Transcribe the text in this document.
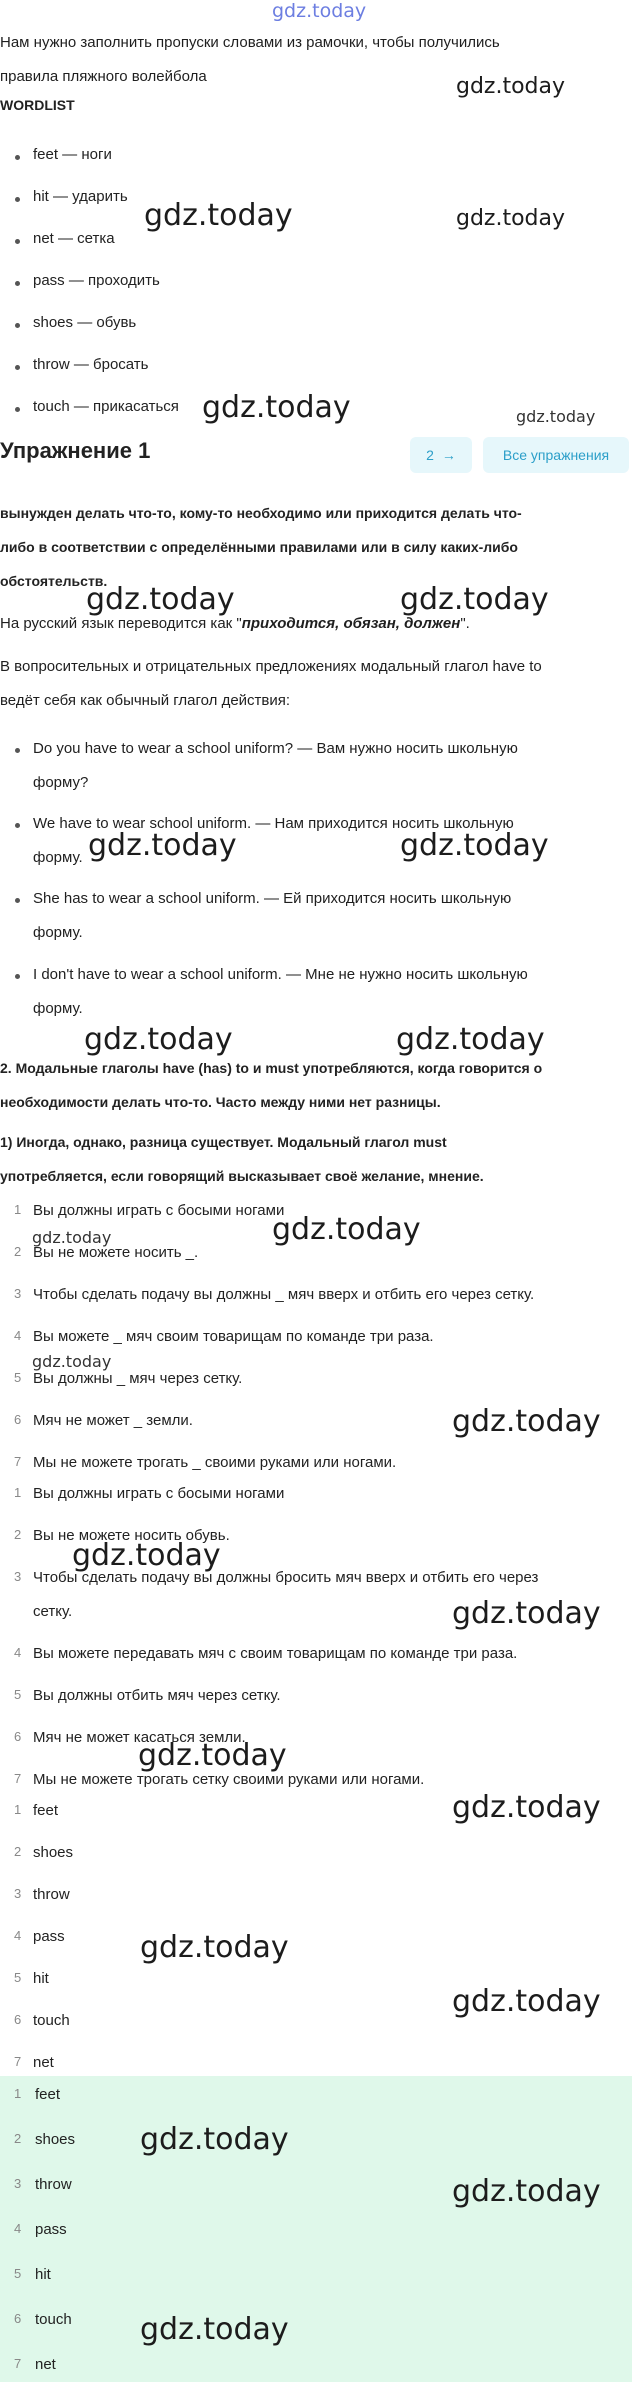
gdz.today
Нам нужно заполнить пропуски словами из рамочки, чтобы получились
правила пляжного волейбола
WORDLIST
feet — ноги
hit — ударить
net — сетка
pass — проходить
shoes — обувь
throw — бросать
touch — прикасаться
Упражнение 1	2 →	Все упражнения
вынужден делать что-то, кому-то необходимо или приходится делать что-
либо в соответствии с определёнными правилами или в силу каких-либо
обстоятельств.
На русский язык переводится как "приходится, обязан, должен".
В вопросительных и отрицательных предложениях модальный глагол have to
ведёт себя как обычный глагол действия:
Do you have to wear a school uniform? — Вам нужно носить школьную
форму?
We have to wear school uniform. — Нам приходится носить школьную
форму.
She has to wear a school uniform. — Ей приходится носить школьную
форму.
I don't have to wear a school uniform. — Мне не нужно носить школьную
форму.
2. Модальные глаголы have (has) to и must употребляются, когда говорится о
необходимости делать что-то. Часто между ними нет разницы.
1) Иногда, однако, разница существует. Модальный глагол must
употребляется, если говорящий высказывает своё желание, мнение.
1 Вы должны играть с босыми ногами
2 Вы не можете носить _.
3 Чтобы сделать подачу вы должны _ мяч вверх и отбить его через сетку.
4 Вы можете _ мяч своим товарищам по команде три раза.
5 Вы должны _ мяч через сетку.
6 Мяч не может _ земли.
7 Мы не можете трогать _ своими руками или ногами.
1 Вы должны играть с босыми ногами
2 Вы не можете носить обувь.
3 Чтобы сделать подачу вы должны бросить мяч вверх и отбить его через
сетку.
4 Вы можете передавать мяч с своим товарищам по команде три раза.
5 Вы должны отбить мяч через сетку.
6 Мяч не может касаться земли.
7 Мы не можете трогать сетку своими руками или ногами.
1 feet
2 shoes
3 throw
4 pass
5 hit
6 touch
7 net
1 feet
2 shoes
3 throw
4 pass
5 hit
6 touch
7 net
gdz.today
gdz.today	gdz.today
gdz.today	gdz.today
gdz.today	gdz.today
gdz.today	gdz.today
gdz.today	gdz.today
gdz.today
gdz.today
gdz.today
gdz.today
gdz.today
gdz.today
gdz.today
gdz.today
gdz.today
gdz.today
gdz.today
gdz.today
gdz.today
